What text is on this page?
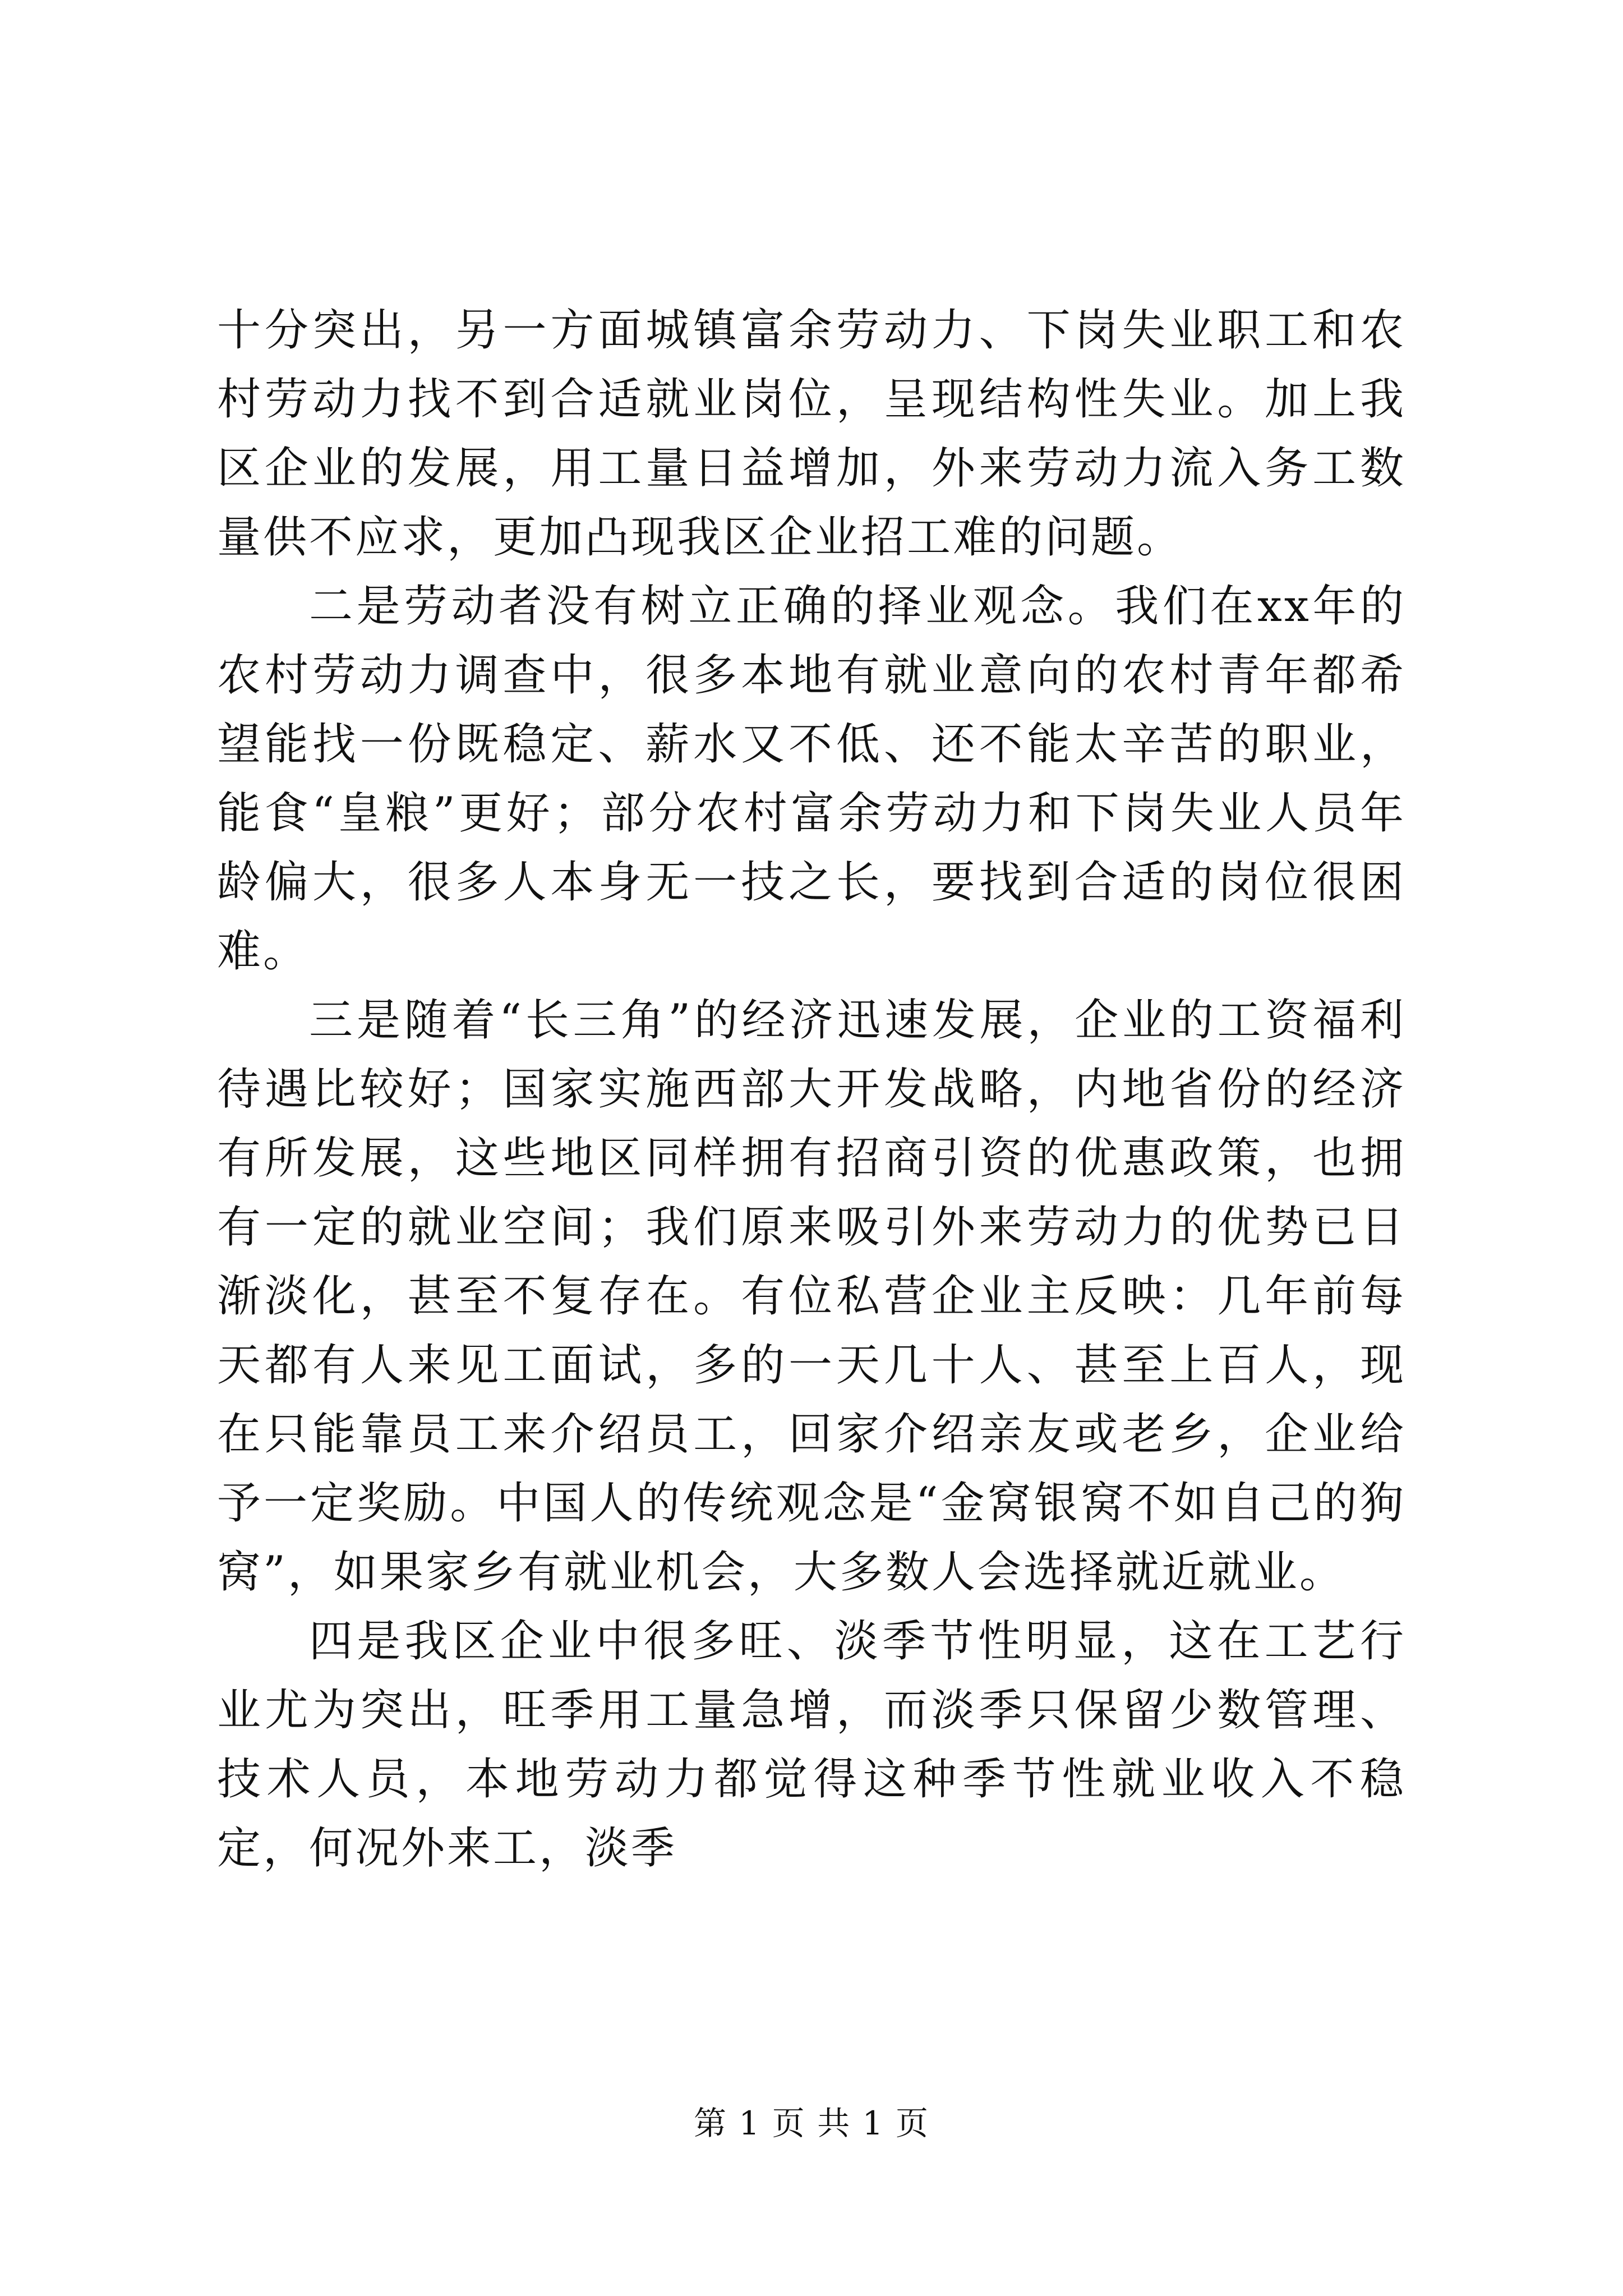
十分突出，另一方面城镇富余劳动力、下岗失业职工和农村劳动力找不到合适就业岗位，呈现结构性失业。加上我区企业的发展，用工量日益增加，外来劳动力流入务工数量供不应求，更加凸现我区企业招工难的问题。

二是劳动者没有树立正确的择业观念。我们在xx年的农村劳动力调查中，很多本地有就业意向的农村青年都希望能找一份既稳定、薪水又不低、还不能太辛苦的职业，能食“皇粮”更好；部分农村富余劳动力和下岗失业人员年龄偏大，很多人本身无一技之长，要找到合适的岗位很困难。

三是随着“长三角”的经济迅速发展，企业的工资福利待遇比较好；国家实施西部大开发战略，内地省份的经济有所发展，这些地区同样拥有招商引资的优惠政策，也拥有一定的就业空间；我们原来吸引外来劳动力的优势已日渐淡化，甚至不复存在。有位私营企业主反映：几年前每天都有人来见工面试，多的一天几十人、甚至上百人，现在只能靠员工来介绍员工，回家介绍亲友或老乡，企业给予一定奖励。中国人的传统观念是“金窝银窝不如自己的狗窝”，如果家乡有就业机会，大多数人会选择就近就业。

四是我区企业中很多旺、淡季节性明显，这在工艺行业尤为突出，旺季用工量急增，而淡季只保留少数管理、技术人员，本地劳动力都觉得这种季节性就业收入不稳定，何况外来工，淡季

第 1 页 共 1 页
